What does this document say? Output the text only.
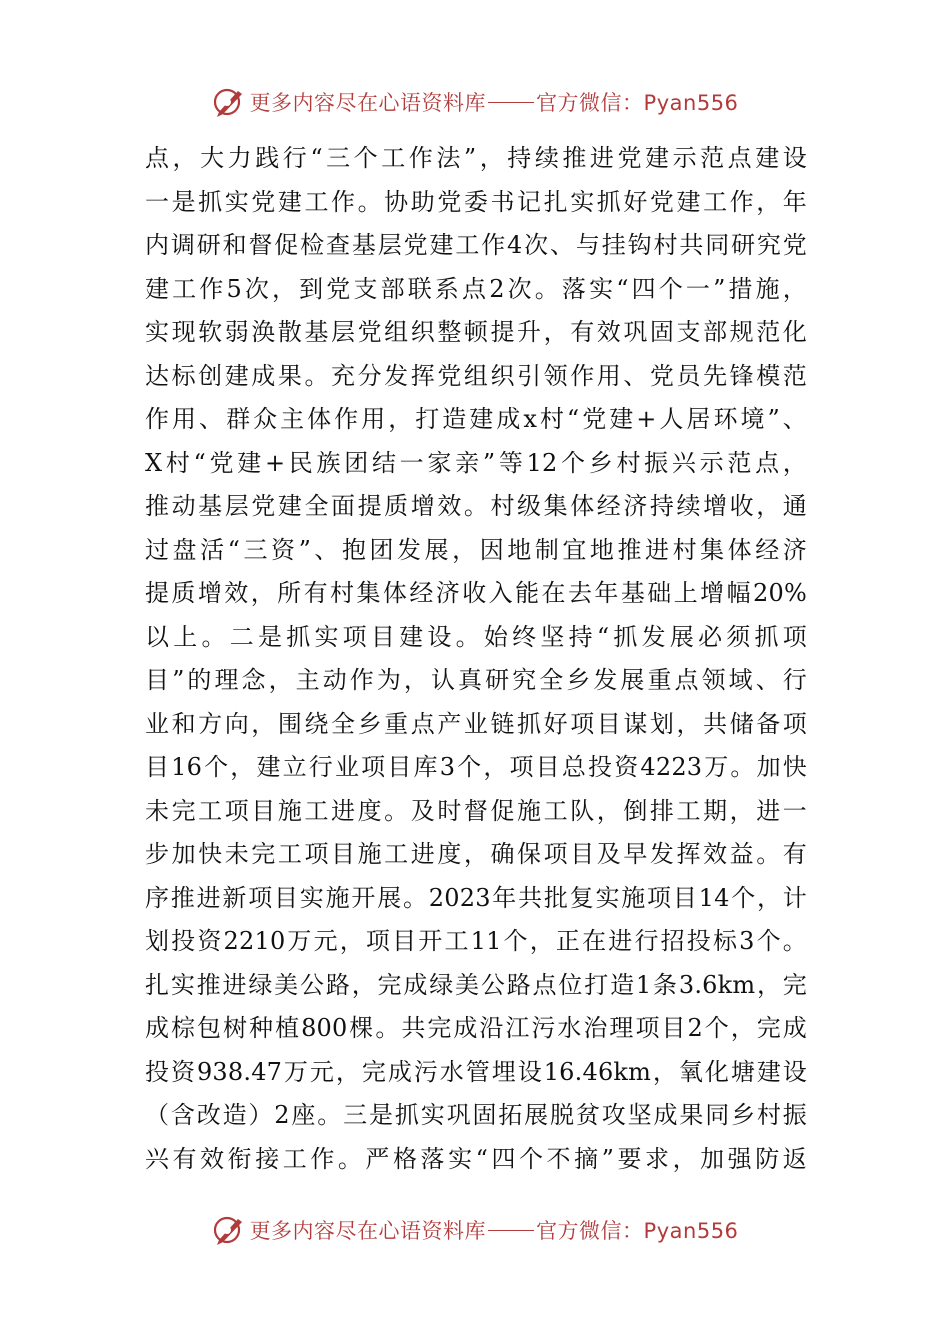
更多内容尽在心语资料库 官方微信：Pyan556
点，大力践行“三个工作法”，持续推进党建示范点建设
一是抓实党建工作。协助党委书记扎实抓好党建工作，年
内调研和督促检查基层党建工作4次、与挂钩村共同研究党
建工作5次，到党支部联系点2次。落实“四个一”措施，
实现软弱涣散基层党组织整顿提升，有效巩固支部规范化
达标创建成果。充分发挥党组织引领作用、党员先锋模范
作用、群众主体作用，打造建成x村“党建+人居环境”、
X村“党建+民族团结一家亲”等12个乡村振兴示范点，
推动基层党建全面提质增效。村级集体经济持续增收，通
过盘活“三资”、抱团发展，因地制宜地推进村集体经济
提质增效，所有村集体经济收入能在去年基础上增幅20%
以上。二是抓实项目建设。始终坚持“抓发展必须抓项
目”的理念，主动作为，认真研究全乡发展重点领域、行
业和方向，围绕全乡重点产业链抓好项目谋划，共储备项
目16个，建立行业项目库3个，项目总投资4223万。加快
未完工项目施工进度。及时督促施工队，倒排工期，进一
步加快未完工项目施工进度，确保项目及早发挥效益。有
序推进新项目实施开展。2023年共批复实施项目14个，计
划投资2210万元，项目开工11个，正在进行招投标3个。
扎实推进绿美公路，完成绿美公路点位打造1条3.6km，完
成棕包树种植800棵。共完成沿江污水治理项目2个，完成
投资938.47万元，完成污水管埋设16.46km，氧化塘建设
（含改造）2座。三是抓实巩固拓展脱贫攻坚成果同乡村振
兴有效衔接工作。严格落实“四个不摘”要求，加强防返
更多内容尽在心语资料库 官方微信：Pyan556
